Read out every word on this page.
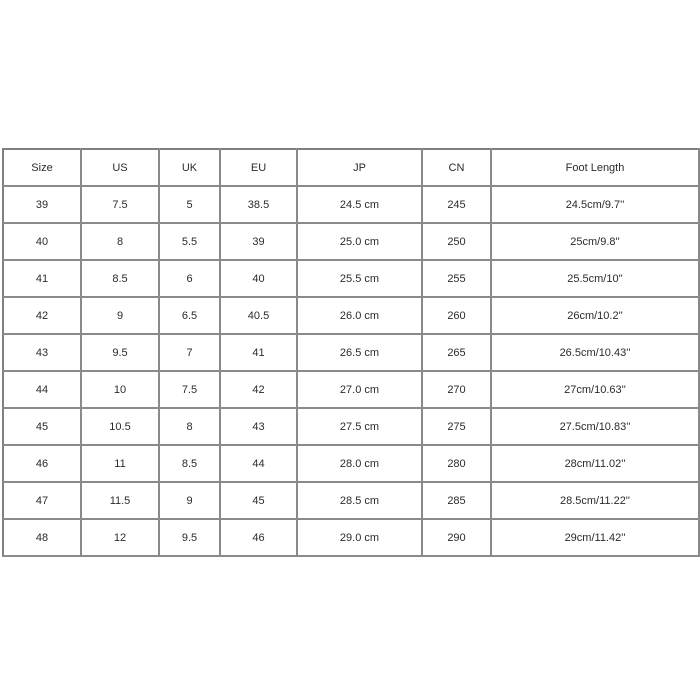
Size	US	UK	EU	JP	CN	Foot Length
39	7.5	5	38.5	24.5 cm	245	24.5cm/9.7''
40	8	5.5	39	25.0 cm	250	25cm/9.8''
41	8.5	6	40	25.5 cm	255	25.5cm/10''
42	9	6.5	40.5	26.0 cm	260	26cm/10.2''
43	9.5	7	41	26.5 cm	265	26.5cm/10.43''
44	10	7.5	42	27.0 cm	270	27cm/10.63''
45	10.5	8	43	27.5 cm	275	27.5cm/10.83''
46	11	8.5	44	28.0 cm	280	28cm/11.02''
47	11.5	9	45	28.5 cm	285	28.5cm/11.22''
48	12	9.5	46	29.0 cm	290	29cm/11.42''
